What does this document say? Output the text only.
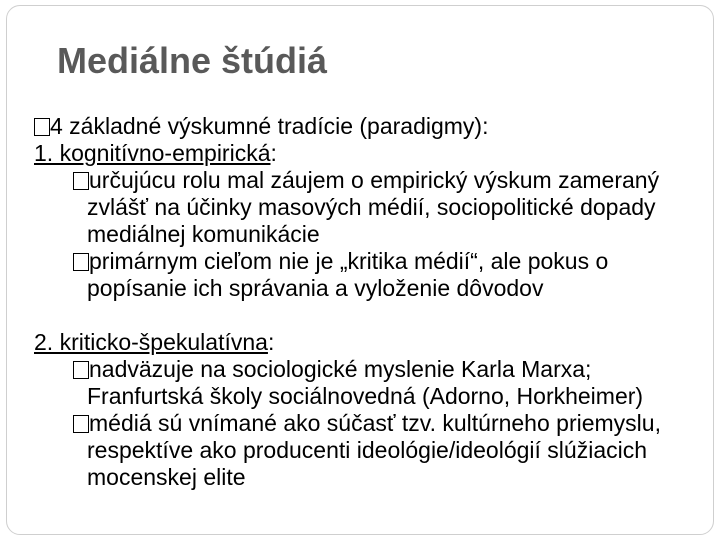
Mediálne štúdiá

4 základné výskumné tradície (paradigmy):

1. kognitívno-empirická:

určujúcu rolu mal záujem o empirický výskum zameraný zvlášť na účinky masových médií, sociopolitické dopady mediálnej komunikácie

primárnym cieľom nie je „kritika médií“, ale pokus o popísanie ich správania a vyloženie dôvodov

2. kriticko-špekulatívna:

nadväzuje na sociologické myslenie Karla Marxa; Franfurtská školy sociálnovedná (Adorno, Horkheimer)

médiá sú vnímané ako súčasť tzv. kultúrneho priemyslu, respektíve ako producenti ideológie/ideológií slúžiacich mocenskej elite
